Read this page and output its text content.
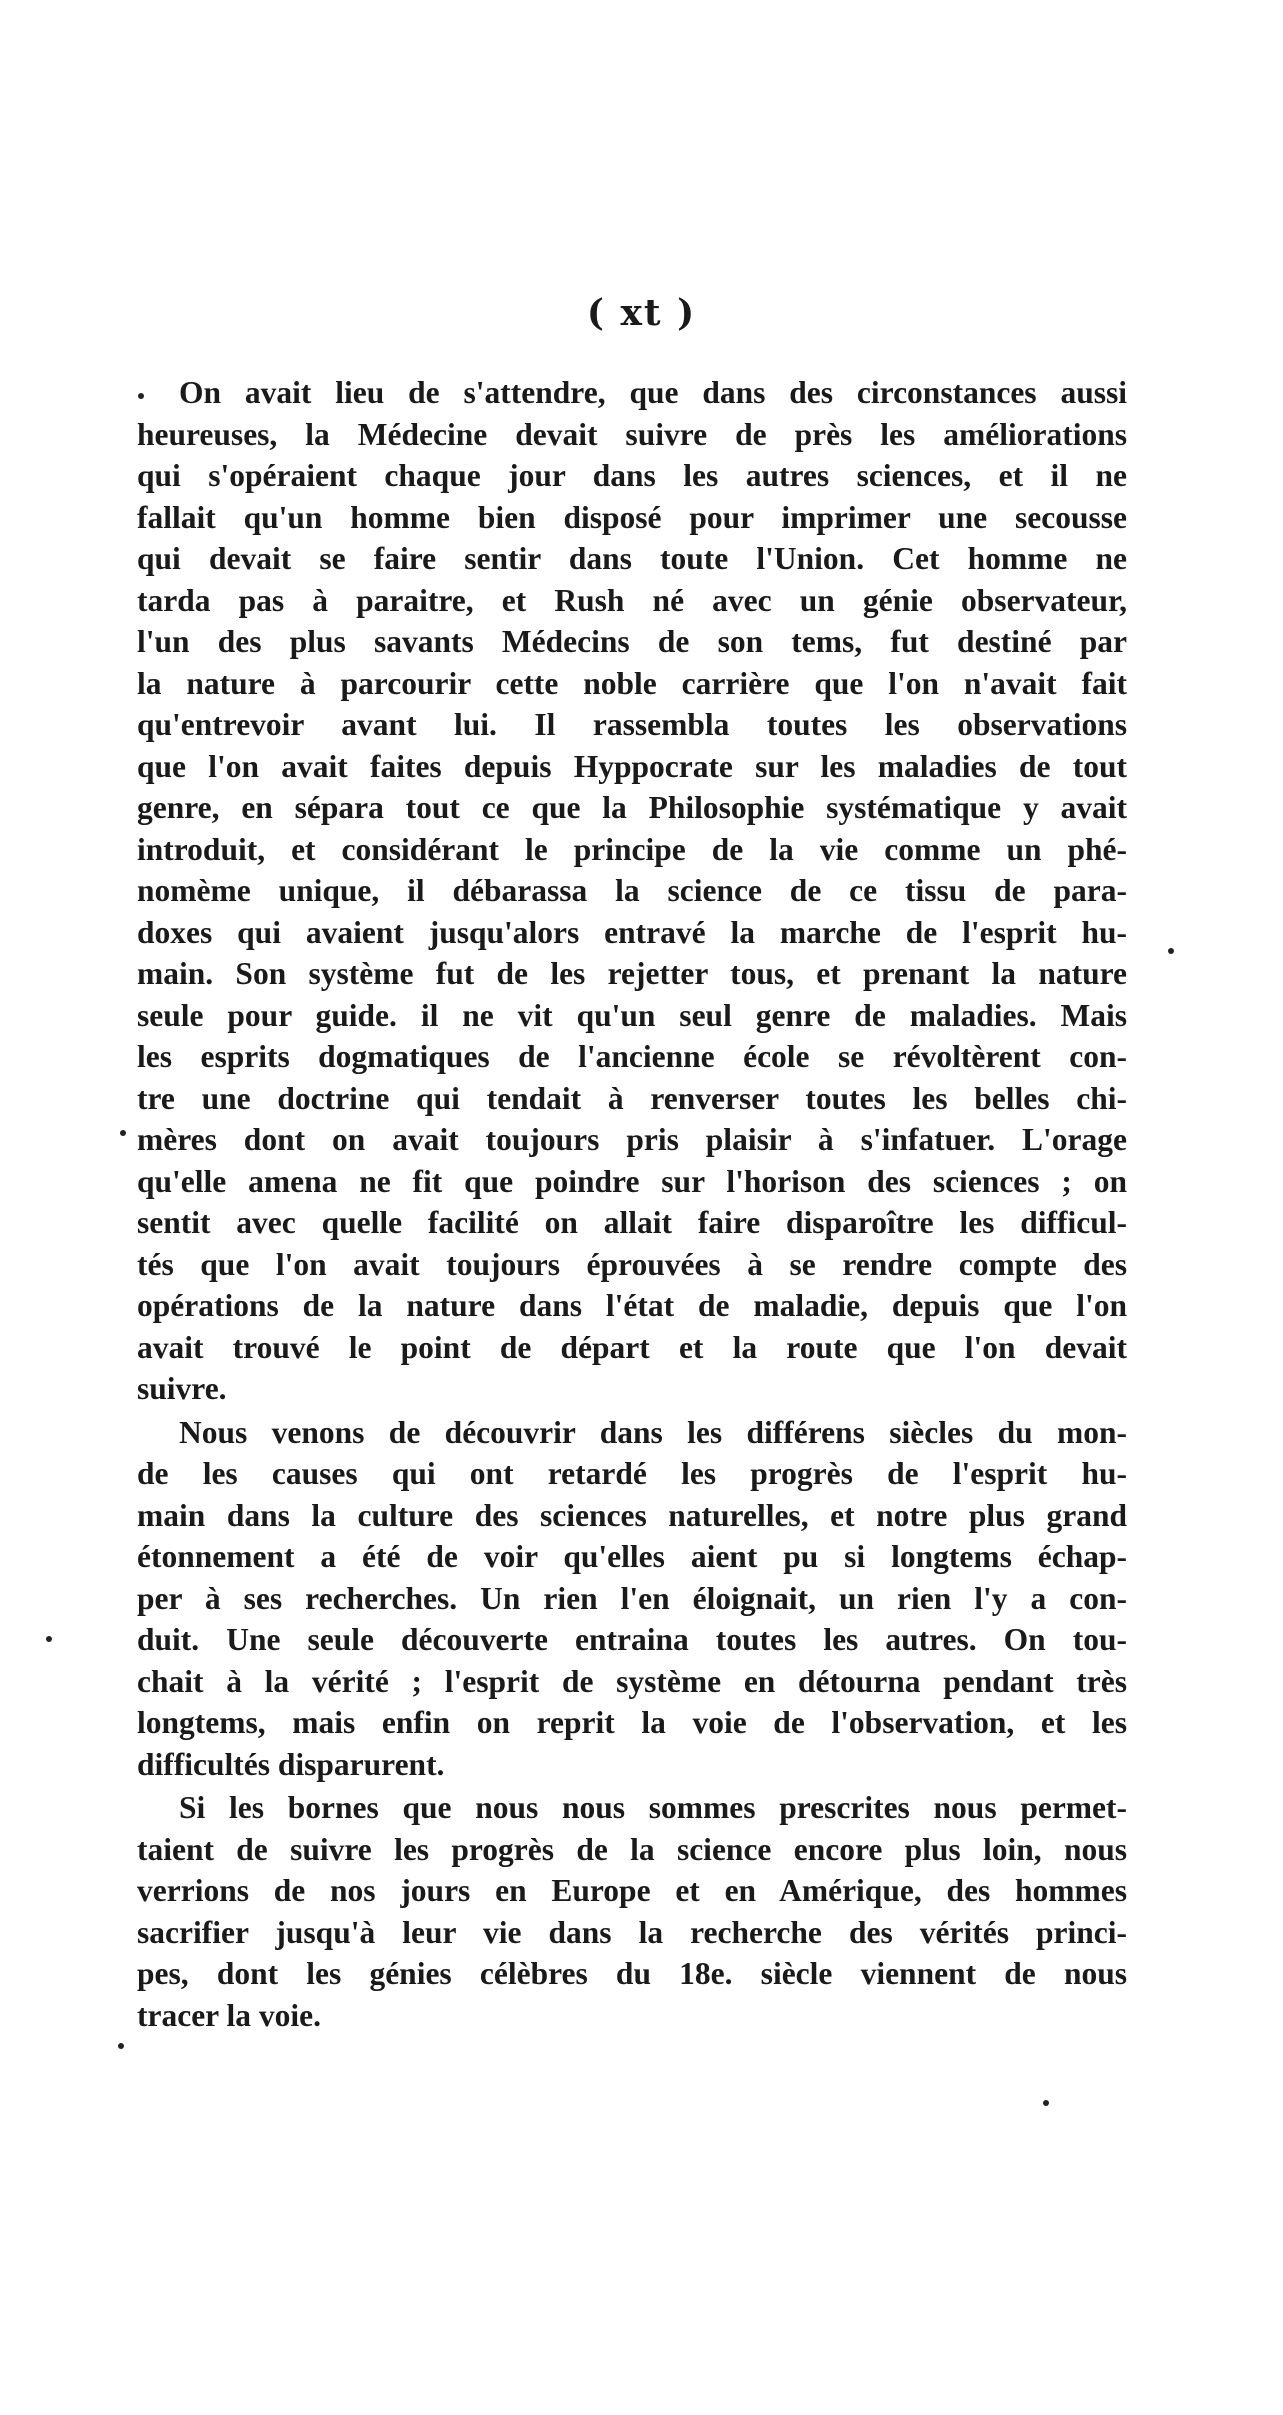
( xt )
On avait lieu de s'attendre, que dans des circonstances aussi
heureuses, la Médecine devait suivre de près les améliorations
qui s'opéraient chaque jour dans les autres sciences, et il ne
fallait qu'un homme bien disposé pour imprimer une secousse
qui devait se faire sentir dans toute l'Union. Cet homme ne
tarda pas à paraitre, et Rush né avec un génie observateur,
l'un des plus savants Médecins de son tems, fut destiné par
la nature à parcourir cette noble carrière que l'on n'avait fait
qu'entrevoir avant lui. Il rassembla toutes les observations
que l'on avait faites depuis Hyppocrate sur les maladies de tout
genre, en sépara tout ce que la Philosophie systématique y avait
introduit, et considérant le principe de la vie comme un phé-
nomème unique, il débarassa la science de ce tissu de para-
doxes qui avaient jusqu'alors entravé la marche de l'esprit hu-
main. Son système fut de les rejetter tous, et prenant la nature
seule pour guide. il ne vit qu'un seul genre de maladies. Mais
les esprits dogmatiques de l'ancienne école se révoltèrent con-
tre une doctrine qui tendait à renverser toutes les belles chi-
mères dont on avait toujours pris plaisir à s'infatuer. L'orage
qu'elle amena ne fit que poindre sur l'horison des sciences ; on
sentit avec quelle facilité on allait faire disparoître les difficul-
tés que l'on avait toujours éprouvées à se rendre compte des
opérations de la nature dans l'état de maladie, depuis que l'on
avait trouvé le point de départ et la route que l'on devait
suivre.
Nous venons de découvrir dans les différens siècles du mon-
de les causes qui ont retardé les progrès de l'esprit hu-
main dans la culture des sciences naturelles, et notre plus grand
étonnement a été de voir qu'elles aient pu si longtems échap-
per à ses recherches. Un rien l'en éloignait, un rien l'y a con-
duit. Une seule découverte entraina toutes les autres. On tou-
chait à la vérité ; l'esprit de système en détourna pendant très
longtems, mais enfin on reprit la voie de l'observation, et les
difficultés disparurent.
Si les bornes que nous nous sommes prescrites nous permet-
taient de suivre les progrès de la science encore plus loin, nous
verrions de nos jours en Europe et en Amérique, des hommes
sacrifier jusqu'à leur vie dans la recherche des vérités princi-
pes, dont les génies célèbres du 18e. siècle viennent de nous
tracer la voie.
